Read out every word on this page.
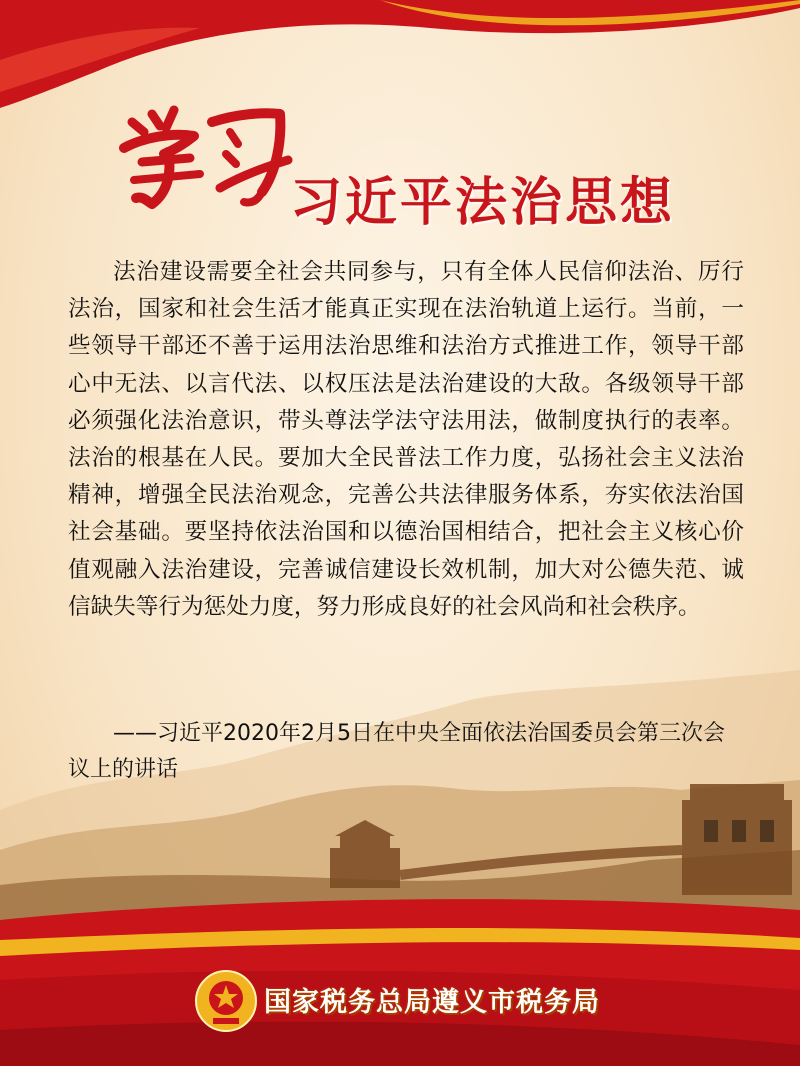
习近平法治思想

法治建设需要全社会共同参与，只有全体人民信仰法治、厉行法治，国家和社会生活才能真正实现在法治轨道上运行。当前，一些领导干部还不善于运用法治思维和法治方式推进工作，领导干部心中无法、以言代法、以权压法是法治建设的大敌。各级领导干部必须强化法治意识，带头尊法学法守法用法，做制度执行的表率。法治的根基在人民。要加大全民普法工作力度，弘扬社会主义法治精神，增强全民法治观念，完善公共法律服务体系，夯实依法治国社会基础。要坚持依法治国和以德治国相结合，把社会主义核心价值观融入法治建设，完善诚信建设长效机制，加大对公德失范、诚信缺失等行为惩处力度，努力形成良好的社会风尚和社会秩序。

——习近平2020年2月5日在中央全面依法治国委员会第三次会议上的讲话

国家税务总局遵义市税务局
